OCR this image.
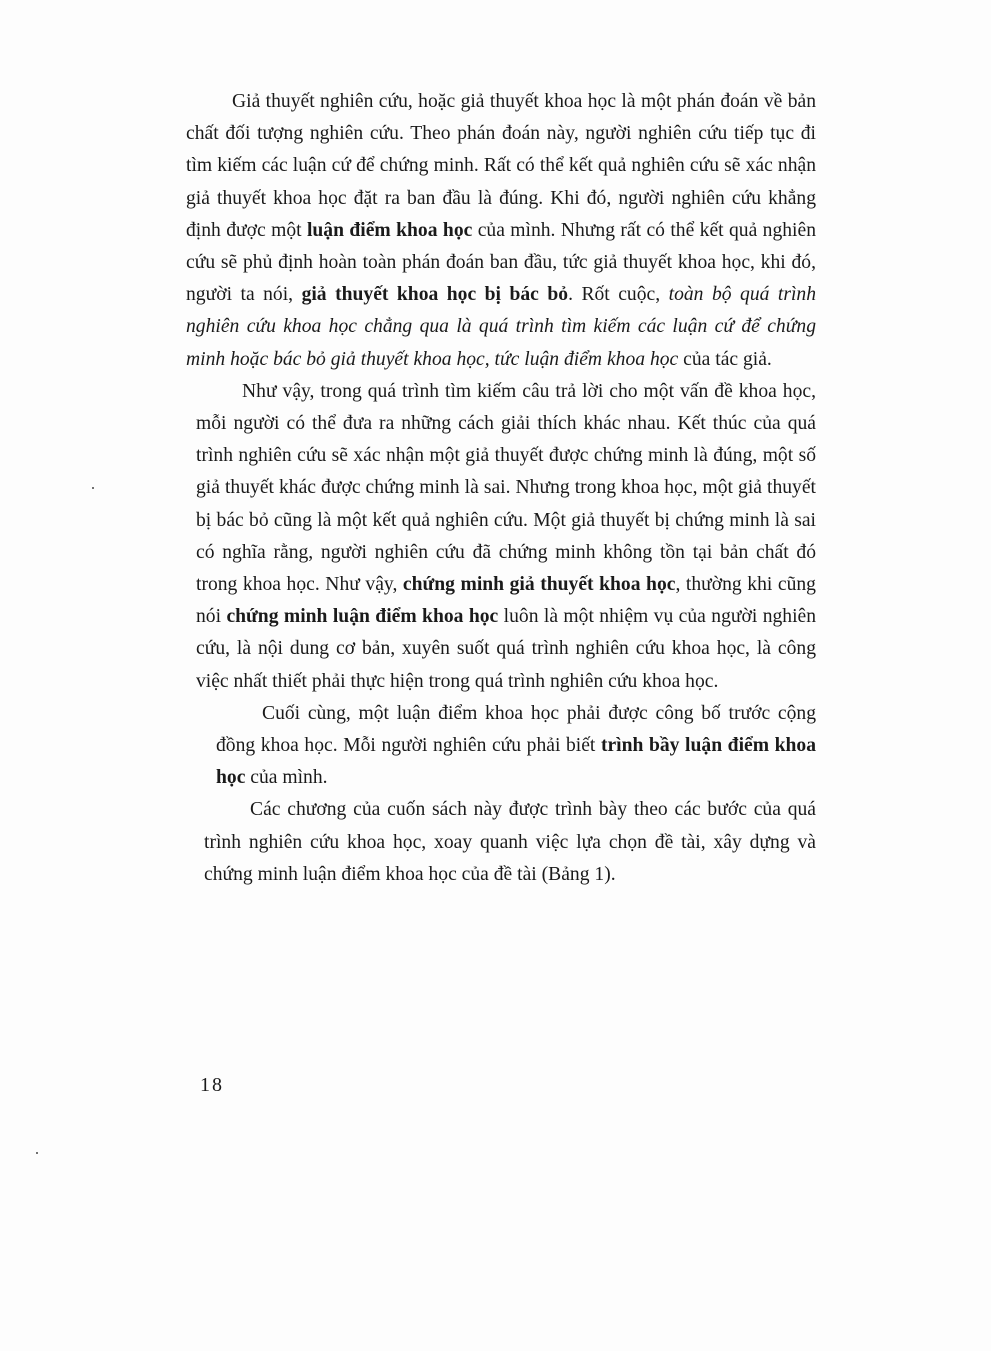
Giả thuyết nghiên cứu, hoặc giả thuyết khoa học là một phán đoán về bản chất đối tượng nghiên cứu. Theo phán đoán này, người nghiên cứu tiếp tục đi tìm kiếm các luận cứ để chứng minh. Rất có thể kết quả nghiên cứu sẽ xác nhận giả thuyết khoa học đặt ra ban đầu là đúng. Khi đó, người nghiên cứu khẳng định được một luận điểm khoa học của mình. Nhưng rất có thể kết quả nghiên cứu sẽ phủ định hoàn toàn phán đoán ban đầu, tức giả thuyết khoa học, khi đó, người ta nói, giả thuyết khoa học bị bác bỏ. Rốt cuộc, toàn bộ quá trình nghiên cứu khoa học chẳng qua là quá trình tìm kiếm các luận cứ để chứng minh hoặc bác bỏ giả thuyết khoa học, tức luận điểm khoa học của tác giả.

Như vậy, trong quá trình tìm kiếm câu trả lời cho một vấn đề khoa học, mỗi người có thể đưa ra những cách giải thích khác nhau. Kết thúc của quá trình nghiên cứu sẽ xác nhận một giả thuyết được chứng minh là đúng, một số giả thuyết khác được chứng minh là sai. Nhưng trong khoa học, một giả thuyết bị bác bỏ cũng là một kết quả nghiên cứu. Một giả thuyết bị chứng minh là sai có nghĩa rằng, người nghiên cứu đã chứng minh không tồn tại bản chất đó trong khoa học. Như vậy, chứng minh giả thuyết khoa học, thường khi cũng nói chứng minh luận điểm khoa học luôn là một nhiệm vụ của người nghiên cứu, là nội dung cơ bản, xuyên suốt quá trình nghiên cứu khoa học, là công việc nhất thiết phải thực hiện trong quá trình nghiên cứu khoa học.

Cuối cùng, một luận điểm khoa học phải được công bố trước cộng đồng khoa học. Mỗi người nghiên cứu phải biết trình bầy luận điểm khoa học của mình.

Các chương của cuốn sách này được trình bày theo các bước của quá trình nghiên cứu khoa học, xoay quanh việc lựa chọn đề tài, xây dựng và chứng minh luận điểm khoa học của đề tài (Bảng 1).

18
